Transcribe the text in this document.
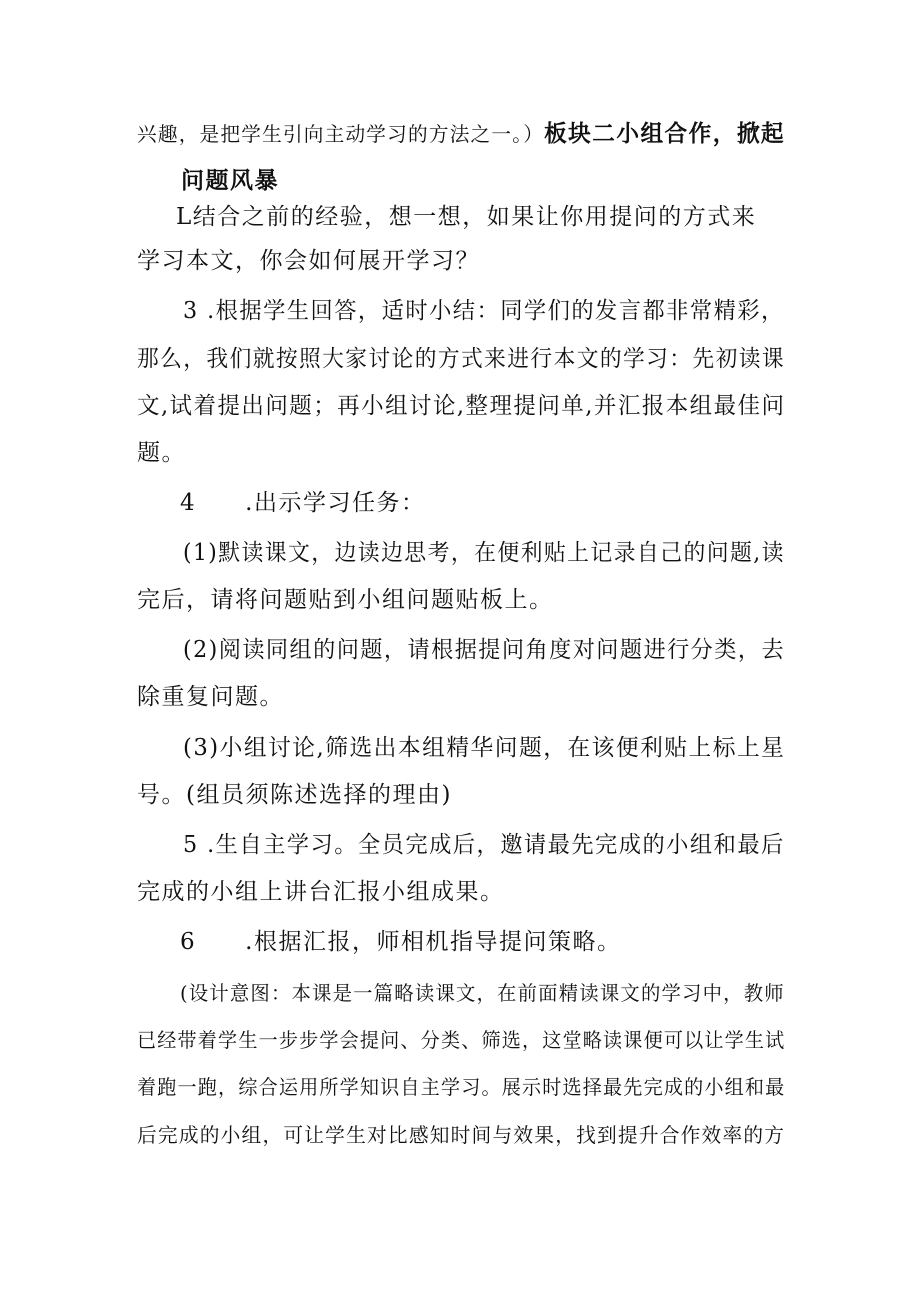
兴趣，是把学生引向主动学习的方法之一。）板块二小组合作，掀起
问题风暴
L结合之前的经验，想一想，如果让你用提问的方式来
学习本文，你会如何展开学习？
3 .根据学生回答，适时小结：同学们的发言都非常精彩，
那么，我们就按照大家讨论的方式来进行本文的学习：先初读课
文,试着提出问题；再小组讨论,整理提问单,并汇报本组最佳问
题。
4　　.出示学习任务：
(1)默读课文，边读边思考，在便利贴上记录自己的问题,读
完后，请将问题贴到小组问题贴板上。
(2)阅读同组的问题，请根据提问角度对问题进行分类，去
除重复问题。
(3)小组讨论,筛选出本组精华问题，在该便利贴上标上星
号。(组员须陈述选择的理由)
5 .生自主学习。全员完成后，邀请最先完成的小组和最后
完成的小组上讲台汇报小组成果。
6　　.根据汇报，师相机指导提问策略。
(设计意图：本课是一篇略读课文，在前面精读课文的学习中，教师
已经带着学生一步步学会提问、分类、筛选，这堂略读课便可以让学生试
着跑一跑，综合运用所学知识自主学习。展示时选择最先完成的小组和最
后完成的小组，可让学生对比感知时间与效果，找到提升合作效率的方
